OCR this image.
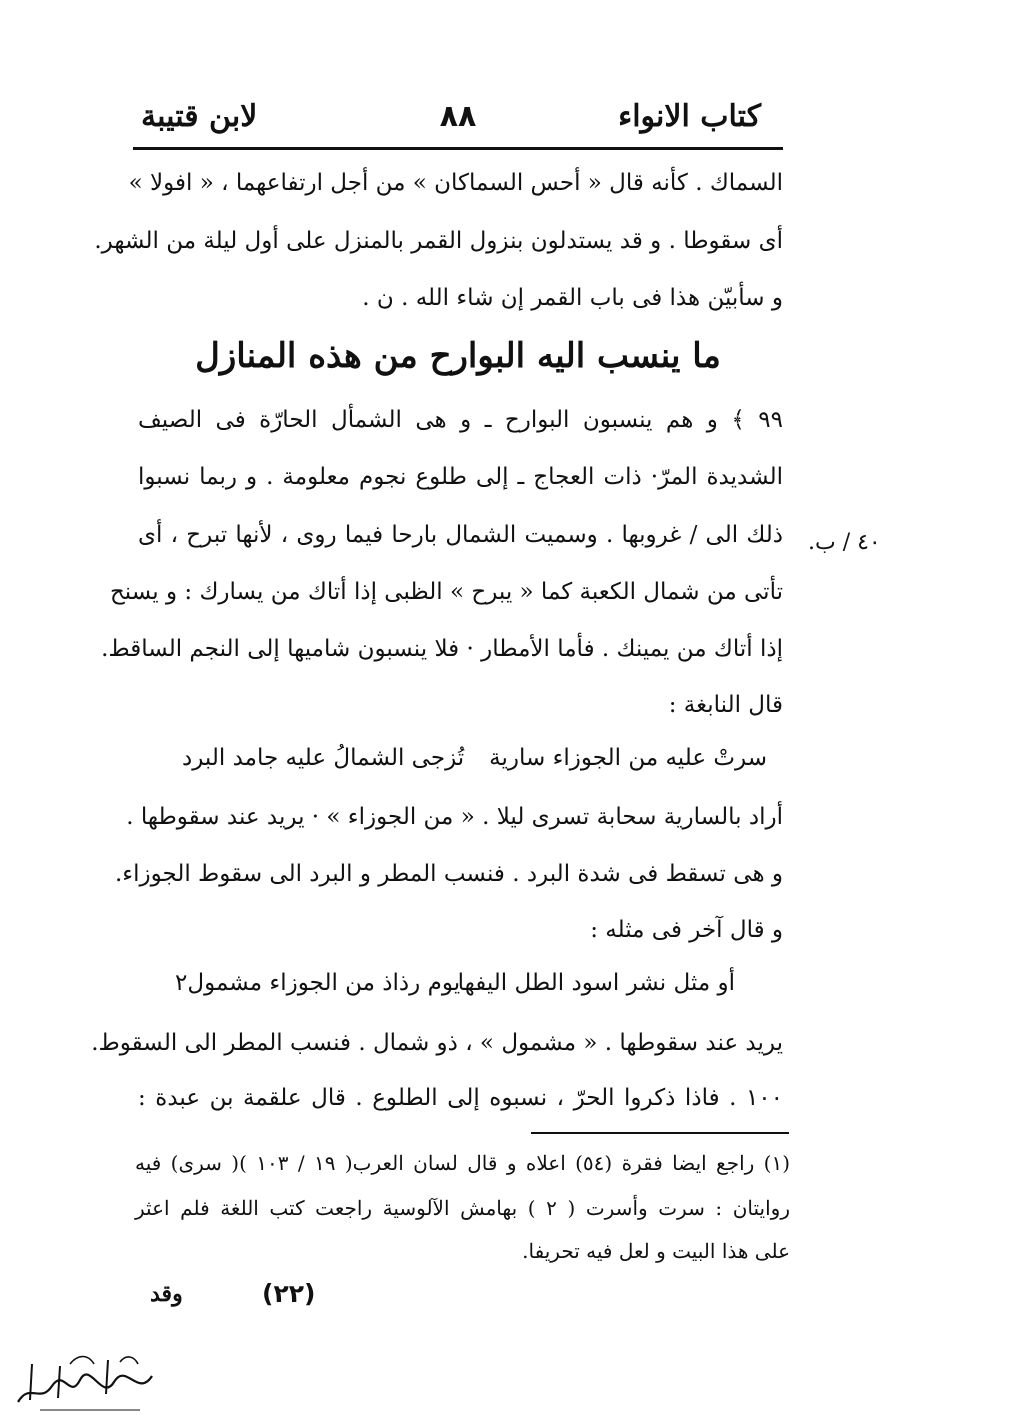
كتاب الانواء
٨٨
لابن قتيبة
السماك . كأنه قال « أحس السماكان » من أجل ارتفاعهما ، « افولا »
أى سقوطا . و قد يستدلون بنزول القمر بالمنزل على أول ليلة من الشهر.
و سأبيّن هذا فى باب القمر إن شاء الله . ن .
ما ينسب اليه البوارح من هذه المنازل
٩٩ ﴾ و هم ينسبون البوارح ـ و هى الشمأل الحارّة فى الصيف
الشديدة المرّ· ذات العجاج ـ إلى طلوع نجوم معلومة . و ربما نسبوا
ذلك الى / غروبها . وسميت الشمال بارحا فيما روى ، لأنها تبرح ، أى
تأتى من شمال الكعبة كما « يبرح » الظبى إذا أتاك من يسارك : و يسنح
إذا أتاك من يمينك . فأما الأمطار · فلا ينسبون شاميها إلى النجم الساقط.
قال النابغة :
٤٠ / ب.
سرتْ عليه من الجوزاء سارية
تُزجى الشمالُ عليه جامد البرد
أراد بالسارية سحابة تسرى ليلا . « من الجوزاء » · يريد عند سقوطها .
و هى تسقط فى شدة البرد . فنسب المطر و البرد الى سقوط الجوزاء.
و قال آخر فى مثله :
أو مثل نشر اسود الطل اليفها
يوم رذاذ من الجوزاء مشمول٢
يريد عند سقوطها . « مشمول » ، ذو شمال . فنسب المطر الى السقوط.
١٠٠ . فاذا ذكروا الحرّ ، نسبوه إلى الطلوع . قال علقمة بن عبدة :
(١) راجع ايضا فقرة (٥٤) اعلاه و قال لسان العرب( ١٩ / ١٠٣ )( سرى) فيه
روايتان : سرت وأسرت ( ٢ ) بهامش الآلوسية راجعت كتب اللغة فلم اعثر
على هذا البيت و لعل فيه تحريفا.
(٢٢)
وقد
